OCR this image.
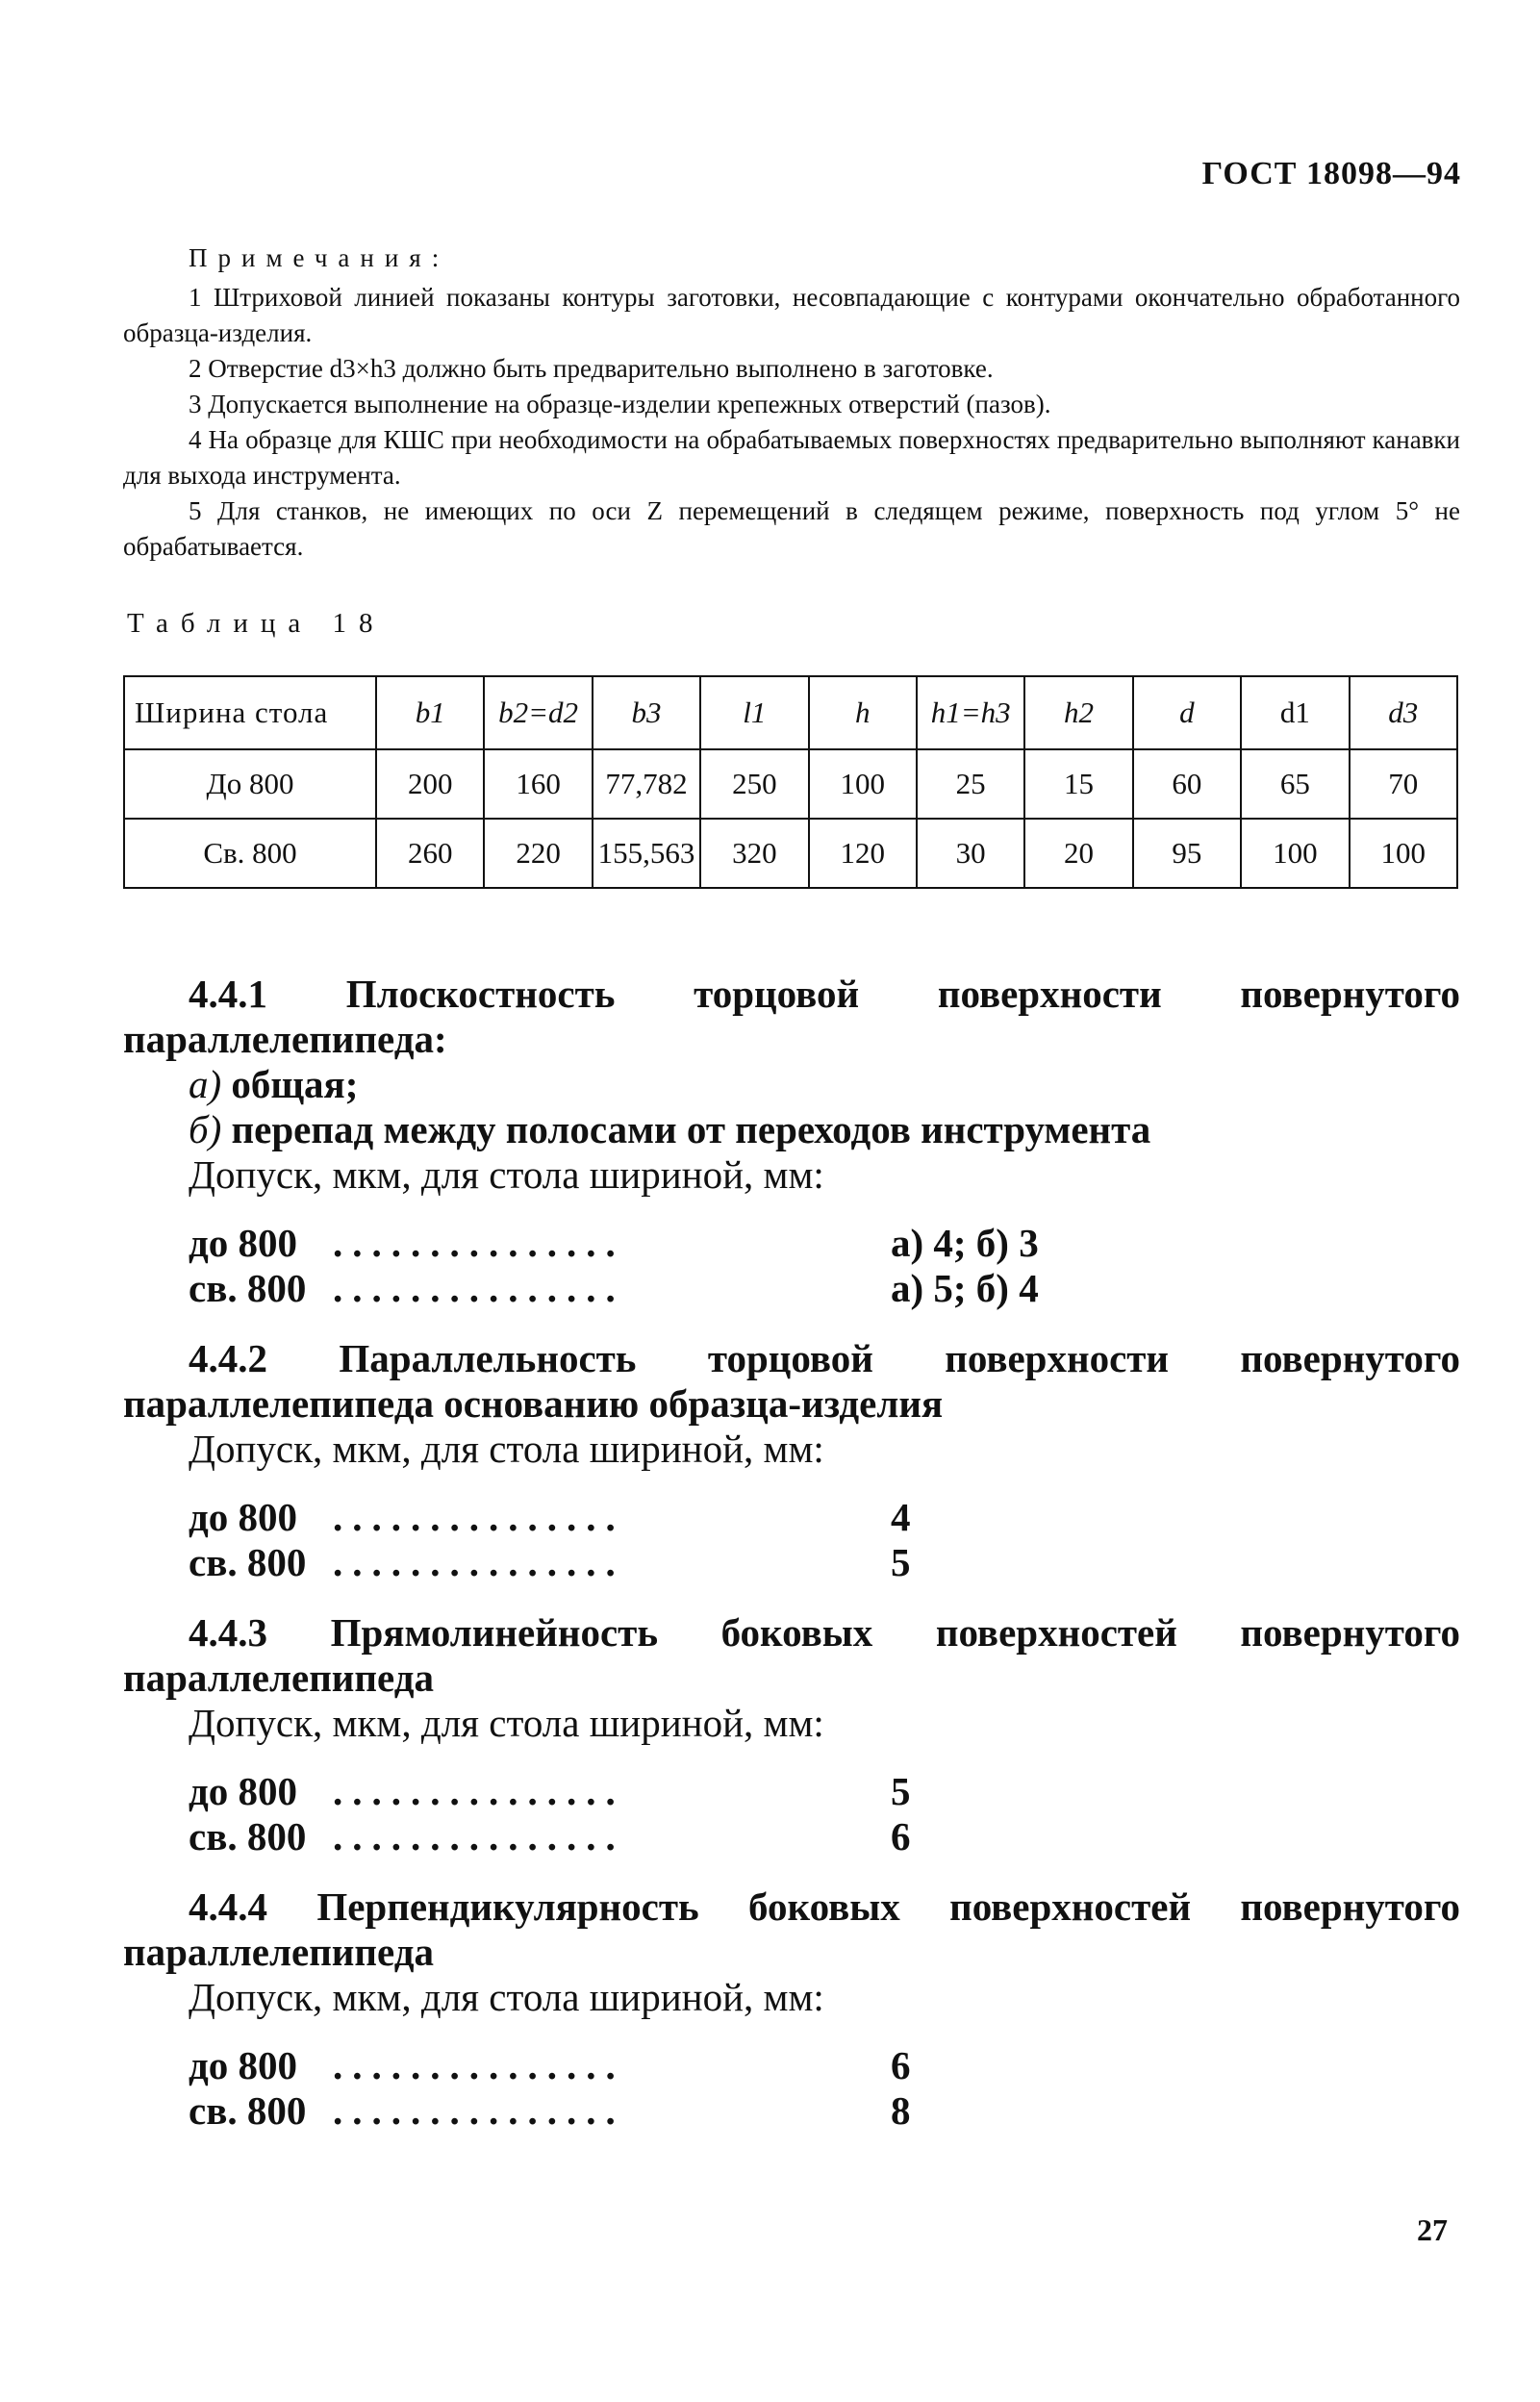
ГОСТ 18098—94
Примечания:

1 Штриховой линией показаны контуры заготовки, несовпадающие с контурами окончательно обработанного образца-изделия.

2 Отверстие d3×h3 должно быть предварительно выполнено в заготовке.

3 Допускается выполнение на образце-изделии крепежных отверстий (пазов).

4 На образце для КШС при необходимости на обрабатываемых поверхностях предварительно выполняют канавки для выхода инструмента.

5 Для станков, не имеющих по оси Z перемещений в следящем режиме, поверхность под углом 5° не обрабатывается.

Таблица 18
Ширина стола	b1	b2=d2	b3	l1	h	h1=h3	h2	d	d1	d3
До 800	200	160	77,782	250	100	25	15	60	65	70
Св. 800	260	220	155,563	320	120	30	20	95	100	100

4.4.1 Плоскостность торцовой поверхности повернутого параллелепипеда:

а) общая;
б) перепад между полосами от переходов инструмента
Допуск, мкм, для стола шириной, мм:
до 800 ...............	а) 4; б) 3
св. 800 ...............	а) 5; б) 4

4.4.2 Параллельность торцовой поверхности повернутого параллелепипеда основанию образца-изделия

Допуск, мкм, для стола шириной, мм:
до 800 ...............	4
св. 800 ...............	5

4.4.3 Прямолинейность боковых поверхностей повернутого параллелепипеда

Допуск, мкм, для стола шириной, мм:
до 800 ...............	5
св. 800 ...............	6

4.4.4 Перпендикулярность боковых поверхностей повернутого параллелепипеда

Допуск, мкм, для стола шириной, мм:
до 800 ...............	6
св. 800 ...............	8
27
